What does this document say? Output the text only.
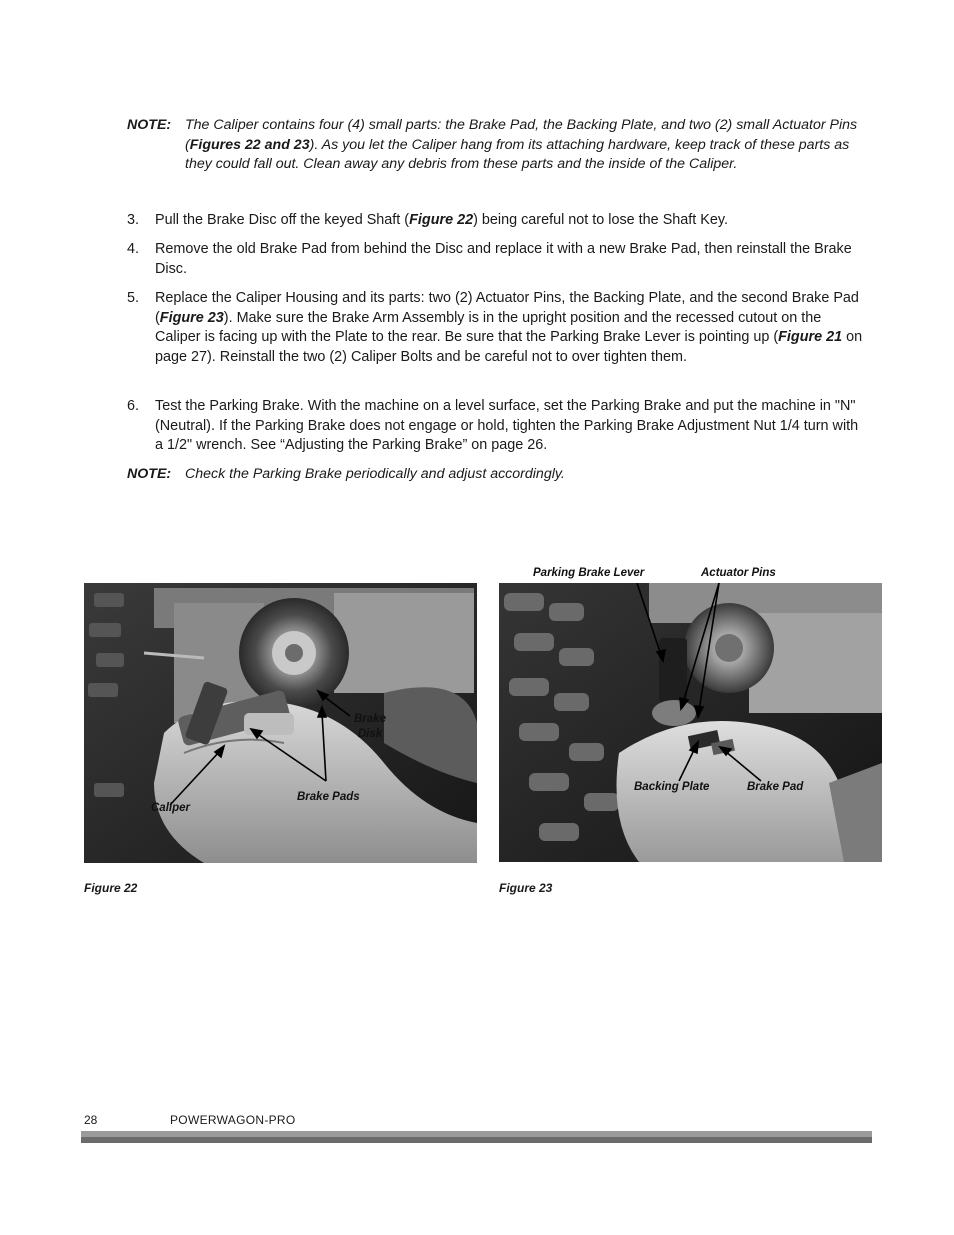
NOTE: The Caliper contains four (4) small parts: the Brake Pad, the Backing Plate, and two (2) small Actuator Pins (Figures 22 and 23). As you let the Caliper hang from its attaching hardware, keep track of these parts as they could fall out. Clean away any debris from these parts and the inside of the Caliper.
3.	Pull the Brake Disc off the keyed Shaft (Figure 22) being careful not to lose the Shaft Key.
4.	Remove the old Brake Pad from behind the Disc and replace it with a new Brake Pad, then reinstall the Brake Disc.
5.	Replace the Caliper Housing and its parts: two (2) Actuator Pins, the Backing Plate, and the second Brake Pad (Figure 23). Make sure the Brake Arm Assembly is in the upright position and the recessed cutout on the Caliper is facing up with the Plate to the rear. Be sure that the Parking Brake Lever is pointing up (Figure 21 on page 27). Reinstall the two (2) Caliper Bolts and be careful not to over tighten them.
6.	Test the Parking Brake. With the machine on a level surface, set the Parking Brake and put the machine in "N" (Neutral). If the Parking Brake does not engage or hold, tighten the Parking Brake Adjustment Nut 1/4 turn with a 1/2" wrench. See “Adjusting the Parking Brake” on page 26.
NOTE: Check the Parking Brake periodically and adjust accordingly.
Brake
Disk
Brake Pads
Caliper
Parking Brake Lever	Actuator Pins
Backing Plate	Brake Pad
Figure 22	Figure 23
28	POWERWAGON-PRO
